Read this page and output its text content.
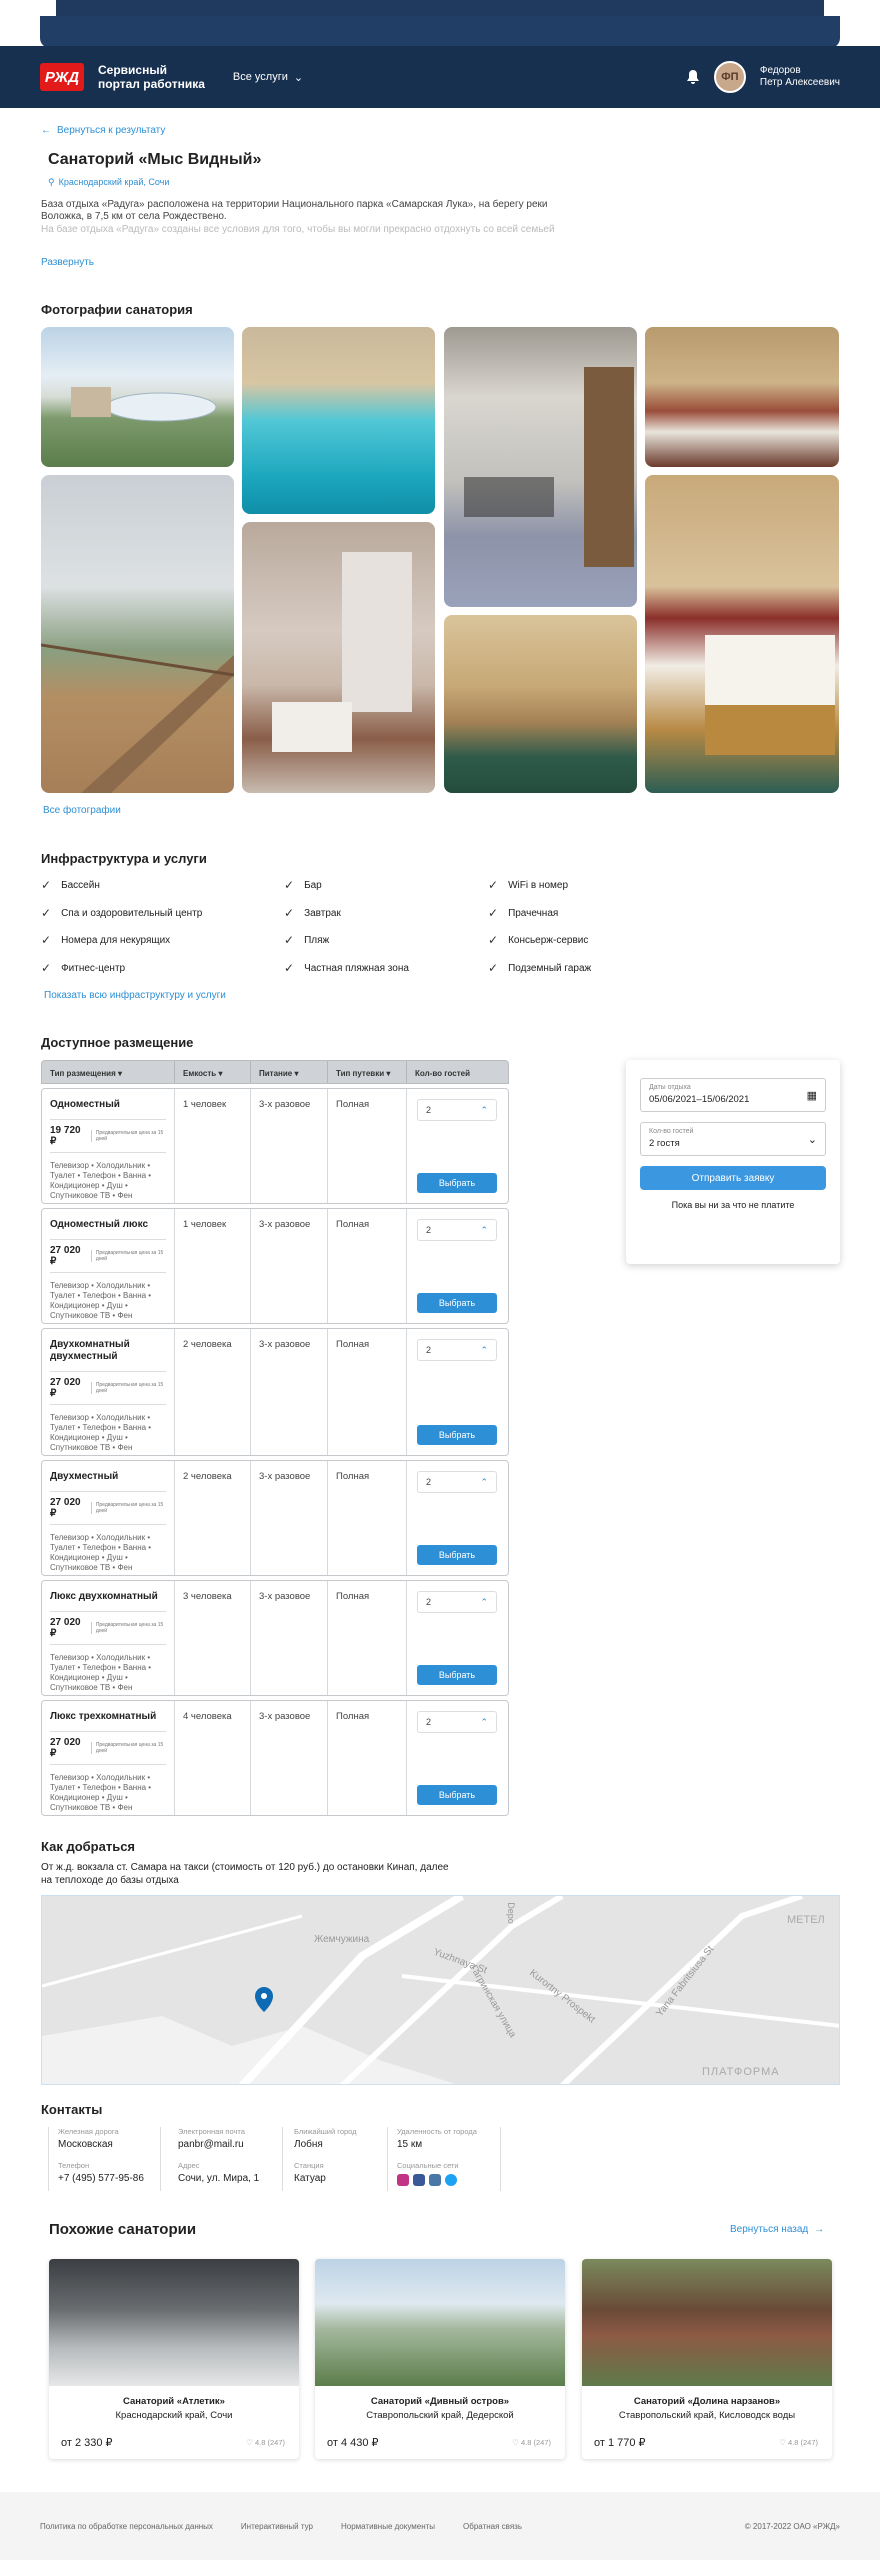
РЖД	Сервисный
портал работника	Все услуги ⌄	ФП
Федоров
Петр Алексеевич
← Вернуться к результату
Санаторий «Мыс Видный»
⚲ Краснодарский край, Сочи
База отдыха «Радуга» расположена на территории Национального парка «Самарская Лука», на берегу реки Воложка, в 7,5 км от села Рождествено.
На базе отдыха «Радуга» созданы все условия для того, чтобы вы могли прекрасно отдохнуть со всей семьей
Развернуть
Фотографии санатория
Все фотографии
Инфраструктура и услуги
✓ Бассейн	✓ Бар	✓ WiFi в номер
✓ Спа и оздоровительный центр	✓ Завтрак	✓ Прачечная
✓ Номера для некурящих	✓ Пляж	✓ Консьерж-сервис
✓ Фитнес-центр	✓ Частная пляжная зона	✓ Подземный гараж
Показать всю инфраструктуру и услуги
Доступное размещение
Тип размещения ▾	Емкость ▾	Питание ▾	Тип путевки ▾	Кол-во гостей
Одноместный
19 720 ₽
Предварительная цена за 15 дней
Телевизор • Холодильник • Туалет • Телефон • Ванна • Кондиционер • Душ • Спутниковое ТВ • Фен
1 человек	3-х разовое	Полная	2	⌃
Выбрать
Одноместный люкс
27 020 ₽
Предварительная цена за 15 дней
Телевизор • Холодильник • Туалет • Телефон • Ванна • Кондиционер • Душ • Спутниковое ТВ • Фен
1 человек	3-х разовое	Полная	2	⌃
Выбрать
Двухкомнатный двухместный
27 020 ₽
Предварительная цена за 15 дней
Телевизор • Холодильник • Туалет • Телефон • Ванна • Кондиционер • Душ • Спутниковое ТВ • Фен
2 человека	3-х разовое	Полная	2	⌃
Выбрать
Двухместный
27 020 ₽
Предварительная цена за 15 дней
Телевизор • Холодильник • Туалет • Телефон • Ванна • Кондиционер • Душ • Спутниковое ТВ • Фен
2 человека	3-х разовое	Полная	2	⌃
Выбрать
Люкс двухкомнатный
27 020 ₽
Предварительная цена за 15 дней
Телевизор • Холодильник • Туалет • Телефон • Ванна • Кондиционер • Душ • Спутниковое ТВ • Фен
3 человека	3-х разовое	Полная	2	⌃
Выбрать
Люкс трехкомнатный
27 020 ₽
Предварительная цена за 15 дней
Телевизор • Холодильник • Туалет • Телефон • Ванна • Кондиционер • Душ • Спутниковое ТВ • Фен
4 человека	3-х разовое	Полная	2	⌃
Выбрать
Даты отдыха
05/06/2021–15/06/2021	▦
Кол-во гостей
2 гостя	⌄
Отправить заявку
Пока вы ни за что не платите
Как добраться
От ж.д. вокзала ст. Самара на такси (стоимость от 120 руб.) до остановки Кинап, далее на теплоходе до базы отдыха
Жемчужина
Yuzhnaya St
Гагринская улица Kurortny Prospekt	Yana Fabritsiusa St
ПЛАТФОРМА
МЕТЕЛ
Depo
Контакты
Железная дорога
Московская
Электронная почта
panbr@mail.ru
Ближайший город
Лобня
Удаленность от города
15 км
Телефон
+7 (495) 577-95-86
Адрес
Сочи, ул. Мира, 1
Станция
Катуар
Социальные сети
Похожие санатории	Вернуться назад →
Санаторий «Атлетик»
Краснодарский край, Сочи
от 2 330 ₽	♡ 4.8 (247)
Санаторий «Дивный остров»
Ставропольский край, Дедерской
от 4 430 ₽	♡ 4.8 (247)
Санаторий «Долина нарзанов»
Ставропольский край, Кисловодск воды
от 1 770 ₽	♡ 4.8 (247)
Политика по обработке персональных данных	Интерактивный тур	Нормативные документы	Обратная связь	© 2017-2022 ОАО «РЖД»
